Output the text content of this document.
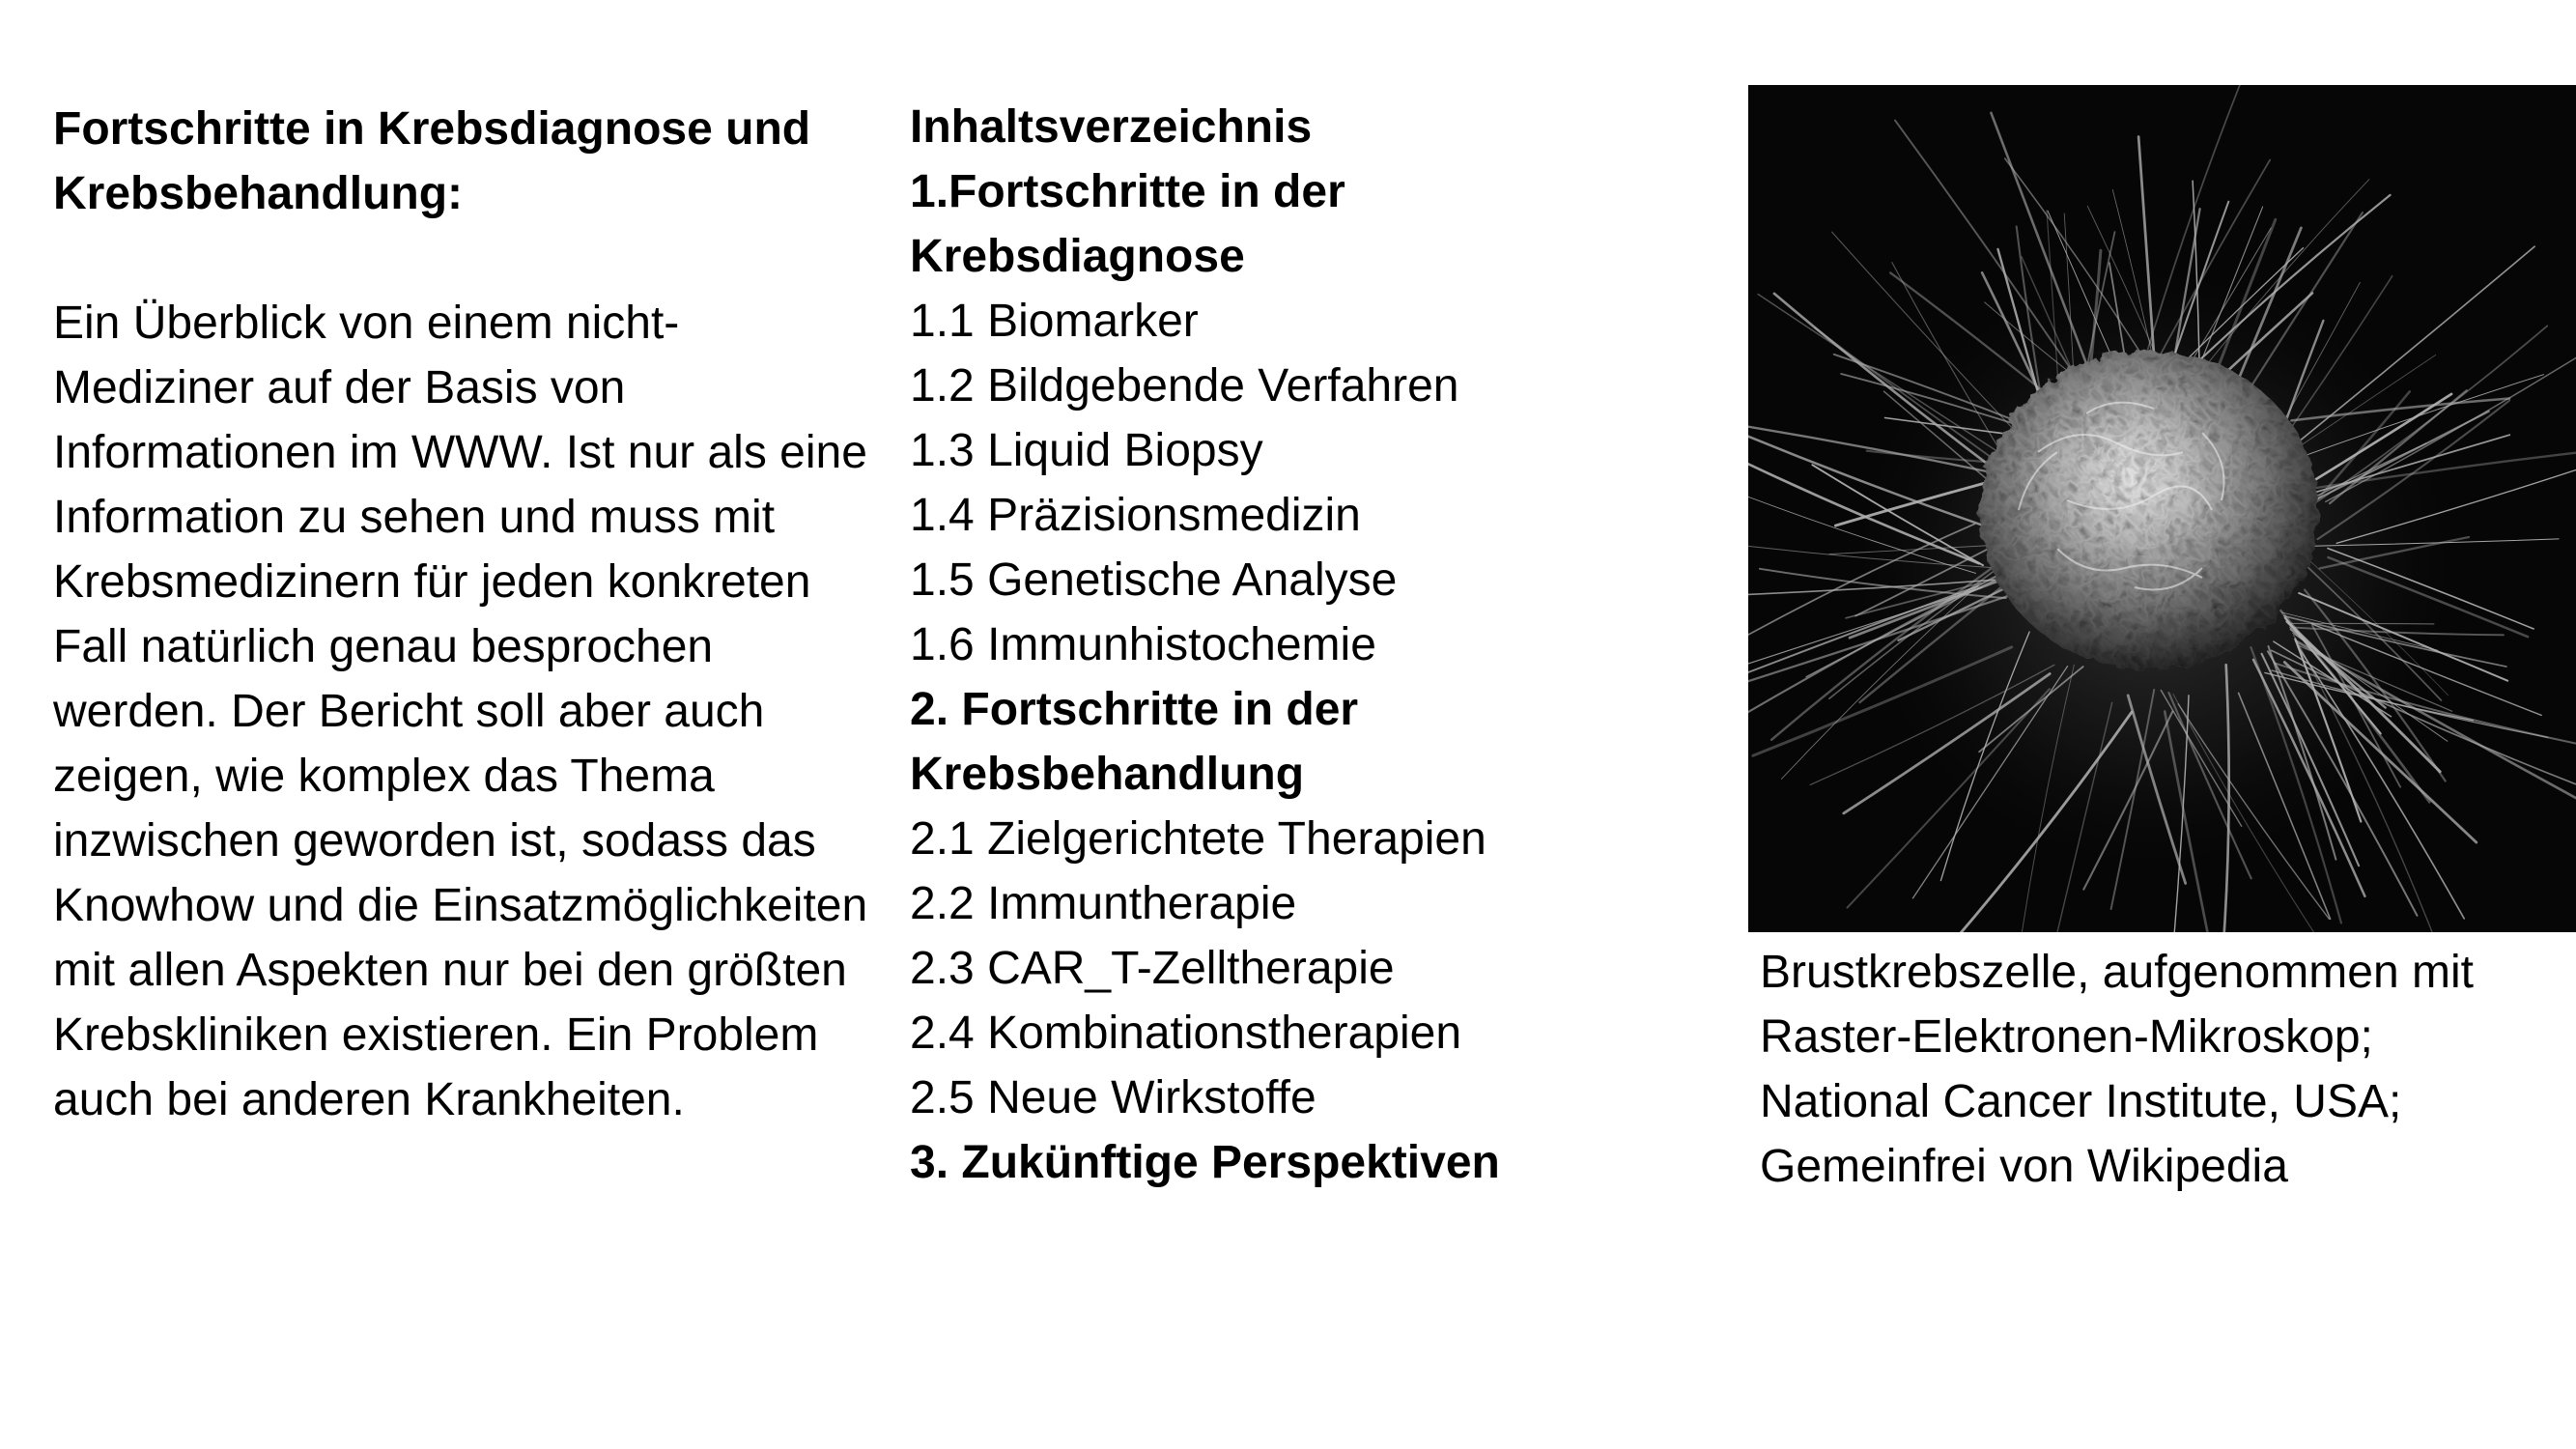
Fortschritte in Krebsdiagnose und Krebsbehandlung:

Ein Überblick von einem nicht-Mediziner auf der Basis von Informationen im WWW. Ist nur als eine Information zu sehen und muss mit Krebsmedizinern für jeden konkreten Fall natürlich genau besprochen werden. Der Bericht soll aber auch zeigen, wie komplex das Thema inzwischen geworden ist, sodass das Knowhow und die Einsatzmöglichkeiten mit allen Aspekten nur bei den größten Krebskliniken existieren. Ein Problem auch bei anderen Krankheiten.

Inhaltsverzeichnis

1.Fortschritte in der Krebsdiagnose

1.1 Biomarker

1.2 Bildgebende Verfahren

1.3 Liquid Biopsy

1.4 Präzisionsmedizin

1.5 Genetische Analyse

1.6 Immunhistochemie

2. Fortschritte in der Krebsbehandlung

2.1 Zielgerichtete Therapien

2.2 Immuntherapie

2.3 CAR_T-Zelltherapie

2.4 Kombinationstherapien

2.5 Neue Wirkstoffe

3. Zukünftige Perspektiven

Brustkrebszelle, aufgenommen mit

Raster-Elektronen-Mikroskop;

National Cancer Institute, USA;

Gemeinfrei von Wikipedia
